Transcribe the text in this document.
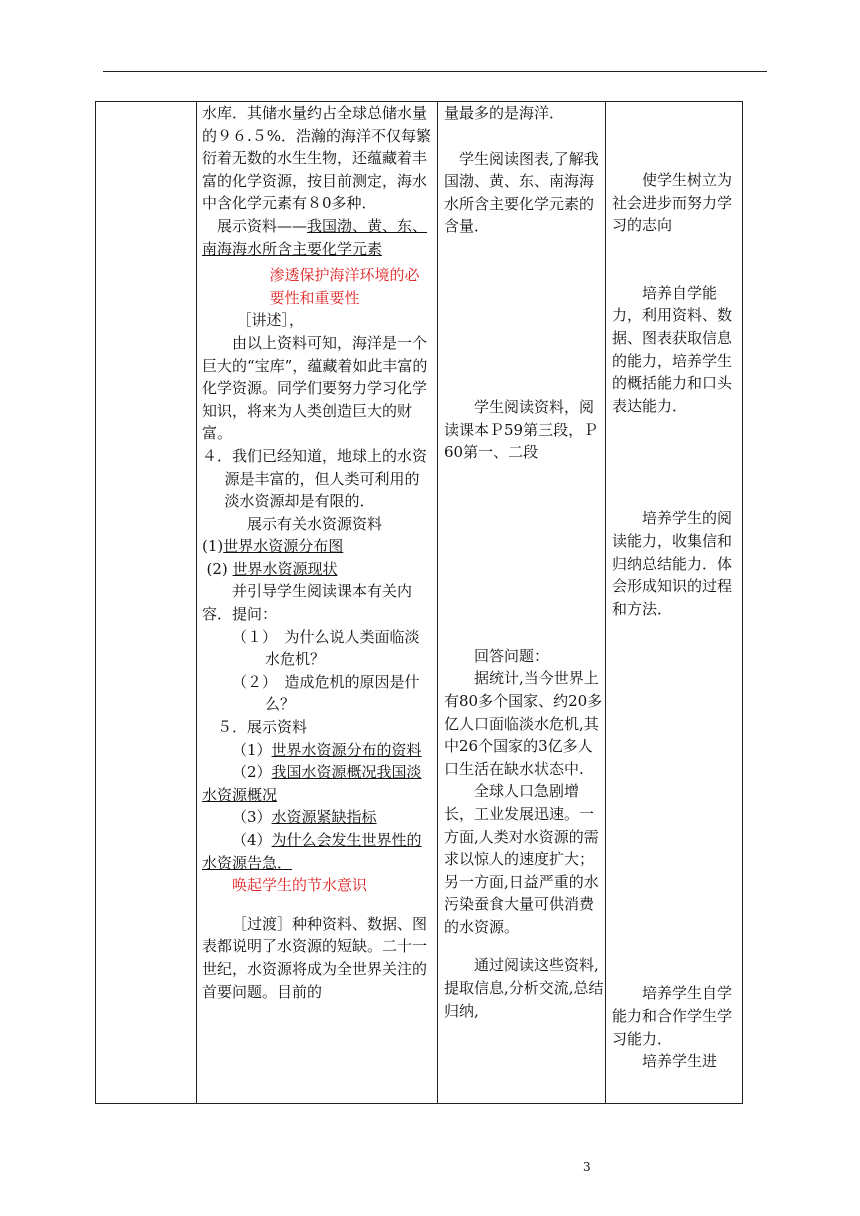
水库．其储水量约占全球总储水量的９６.５%．浩瀚的海洋不仅每繁衍着无数的水生生物，还蕴藏着丰富的化学资源，按目前测定，海水中含化学元素有８0多种．

展示资料——我国渤、黄、东、南海海水所含主要化学元素

渗透保护海洋环境的必要性和重要性

［讲述］，

由以上资料可知，海洋是一个巨大的“宝库”，蕴藏着如此丰富的化学资源。同学们要努力学习化学知识，将来为人类创造巨大的财富。

４．我们已经知道，地球上的水资源是丰富的，但人类可利用的淡水资源却是有限的．

展示有关水资源资料

(1)世界水资源分布图

(2) 世界水资源现状

并引导学生阅读课本有关内容．提问：

（１）　为什么说人类面临淡水危机？

（２）　造成危机的原因是什么？

５．展示资料

（1）世界水资源分布的资料

（2）我国水资源概况我国淡水资源概况

（3）水资源紧缺指标

（4）为什么会发生世界性的水资源告急．

唤起学生的节水意识

［过渡］种种资料、数据、图表都说明了水资源的短缺。二十一世纪，水资源将成为全世界关注的首要问题。目前的

量最多的是海洋．

学生阅读图表,了解我国渤、黄、东、南海海水所含主要化学元素的含量．

学生阅读资料，阅读课本Ｐ59第三段，Ｐ60第一、二段

回答问题：

据统计,当今世界上有80多个国家、约20多亿人口面临淡水危机,其中26个国家的3亿多人口生活在缺水状态中.

全球人口急剧增长，工业发展迅速。一方面,人类对水资源的需求以惊人的速度扩大；另一方面,日益严重的水污染蚕食大量可供消费的水资源。

通过阅读这些资料,提取信息,分析交流,总结归纳,

使学生树立为社会进步而努力学习的志向

培养自学能力，利用资料、数据、图表获取信息的能力，培养学生的概括能力和口头表达能力．

培养学生的阅读能力，收集信和归纳总结能力．体会形成知识的过程和方法．

培养学生自学能力和合作学生学习能力．

培养学生进

3
